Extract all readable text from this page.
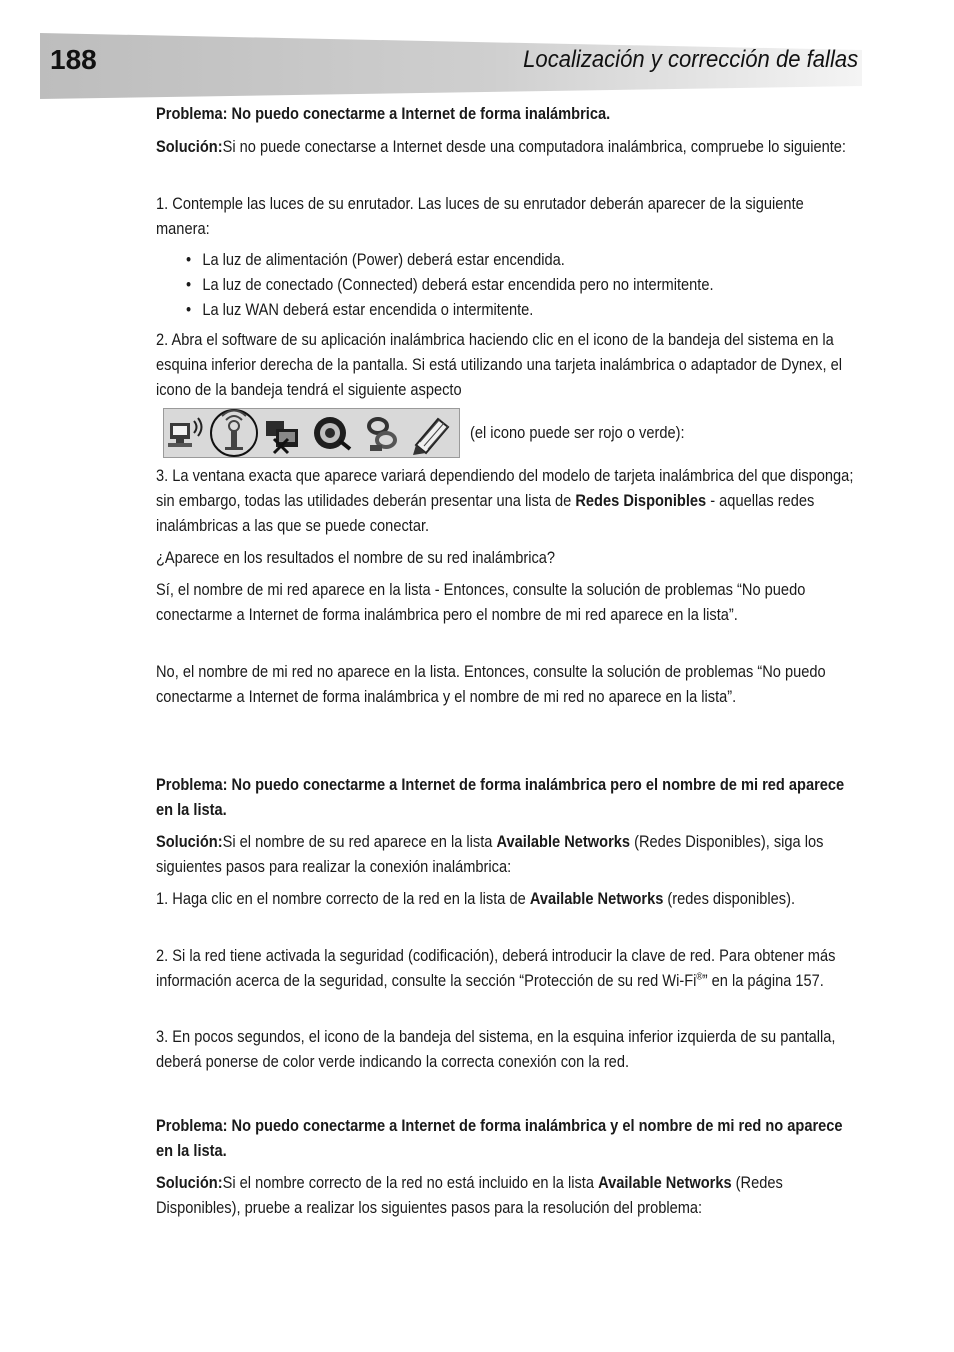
188	Localización y corrección de fallas
Problema: No puedo conectarme a Internet de forma inalámbrica.
Solución:Si no puede conectarse a Internet desde una computadora inalámbrica, compruebe lo siguiente:
1. Contemple las luces de su enrutador. Las luces de su enrutador deberán aparecer de la siguiente manera:
• La luz de alimentación (Power) deberá estar encendida.
• La luz de conectado (Connected) deberá estar encendida pero no intermitente.
• La luz WAN deberá estar encendida o intermitente.
2. Abra el software de su aplicación inalámbrica haciendo clic en el icono de la bandeja del sistema en la esquina inferior derecha de la pantalla. Si está utilizando una tarjeta inalámbrica o adaptador de Dynex, el icono de la bandeja tendrá el siguiente aspecto
(el icono puede ser rojo o verde):
3. La ventana exacta que aparece variará dependiendo del modelo de tarjeta inalámbrica del que disponga; sin embargo, todas las utilidades deberán presentar una lista de Redes Disponibles - aquellas redes inalámbricas a las que se puede conectar.
¿Aparece en los resultados el nombre de su red inalámbrica?
Sí, el nombre de mi red aparece en la lista - Entonces, consulte la solución de problemas “No puedo conectarme a Internet de forma inalámbrica pero el nombre de mi red aparece en la lista”.
No, el nombre de mi red no aparece en la lista. Entonces, consulte la solución de problemas “No puedo conectarme a Internet de forma inalámbrica y el nombre de mi red no aparece en la lista”.
Problema: No puedo conectarme a Internet de forma inalámbrica pero el nombre de mi red aparece en la lista.
Solución:Si el nombre de su red aparece en la lista Available Networks (Redes Disponibles), siga los siguientes pasos para realizar la conexión inalámbrica:
1. Haga clic en el nombre correcto de la red en la lista de Available Networks (redes disponibles).
2. Si la red tiene activada la seguridad (codificación), deberá introducir la clave de red. Para obtener más información acerca de la seguridad, consulte la sección “Protección de su red Wi-Fi®” en la página 157.
3. En pocos segundos, el icono de la bandeja del sistema, en la esquina inferior izquierda de su pantalla, deberá ponerse de color verde indicando la correcta conexión con la red.
Problema: No puedo conectarme a Internet de forma inalámbrica y el nombre de mi red no aparece en la lista.
Solución:Si el nombre correcto de la red no está incluido en la lista Available Networks (Redes Disponibles), pruebe a realizar los siguientes pasos para la resolución del problema:
